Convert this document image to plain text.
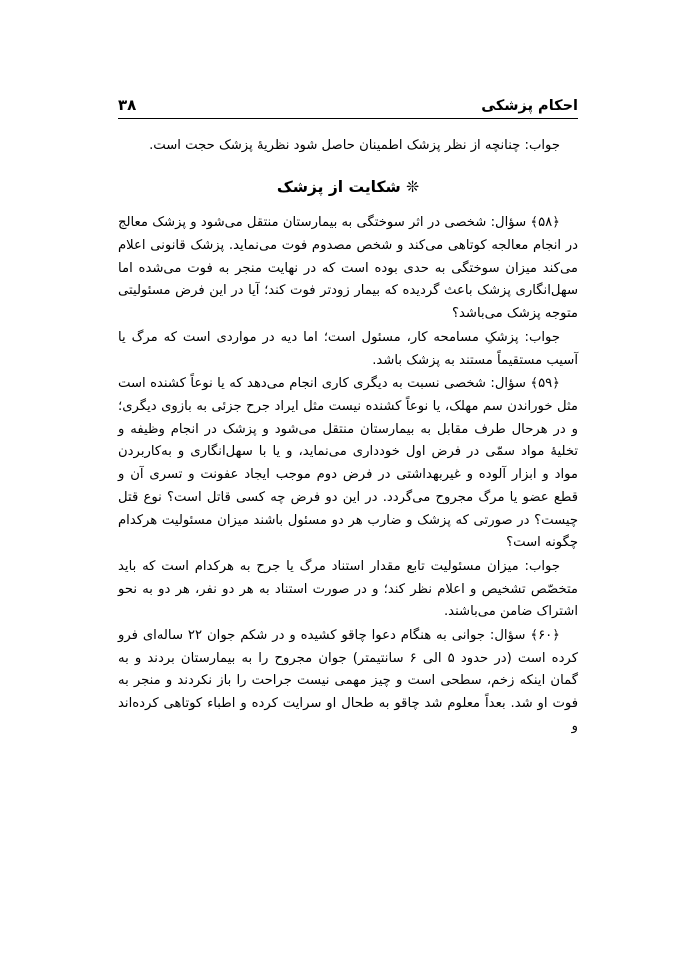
احکام پزشکی
۳۸

جواب: چنانچه از نظر پزشک اطمینان حاصل شود نظریهٔ پزشک حجت است.

❊ شکایت از پزشک

﴿۵۸﴾ سؤال: شخصی در اثر سوختگی به بیمارستان منتقل می‌شود و پزشک معالج در انجام معالجه کوتاهی می‌کند و شخص مصدوم فوت می‌نماید. پزشک قانونی اعلام می‌کند میزان سوختگی به حدی بوده است که در نهایت منجر به فوت می‌شده اما سهل‌انگاری پزشک باعث گردیده که بیمار زودتر فوت کند؛ آیا در این فرض مسئولیتی متوجه پزشک می‌باشد؟

جواب: پزشکِ مسامحه کار، مسئول است؛ اما دیه در مواردی است که مرگ یا آسیب مستقیماً مستند به پزشک باشد.

﴿۵۹﴾ سؤال: شخصی نسبت به دیگری کاری انجام می‌دهد که یا نوعاً کشنده است مثل خوراندن سم مهلک، یا نوعاً کشنده نیست مثل ایراد جرح جزئی به بازوی دیگری؛ و در هر‌حال طرف مقابل به بیمارستان منتقل می‌شود و پزشک در انجام وظیفه و تخلیۀ مواد سمّی در فرض اول خودداری می‌نماید، و یا با سهل‌انگاری و به‌کاربردن مواد و ابزار آلوده و غیربهداشتی در فرض دوم موجب ایجاد عفونت و تسری آن و قطع عضو یا مرگ مجروح می‌گردد. در این دو فرض چه کسی قاتل است؟ نوع قتل چیست؟ در صورتی که پزشک و ضارب هر دو مسئول باشند میزان مسئولیت هرکدام چگونه است؟

جواب: میزان مسئولیت تابع مقدار استناد مرگ یا جرح به هرکدام است که باید متخصّص تشخیص و اعلام نظر کند؛ و در صورت استناد به هر دو نفر، هر دو به نحو اشتراک ضامن می‌باشند.

﴿۶۰﴾ سؤال: جوانی به هنگام دعوا چاقو کشیده و در شکم جوان ۲۲ ساله‌ای فرو کرده است (در حدود ۵ الی ۶ سانتیمتر) جوان مجروح را به بیمارستان بردند و به گمان اینکه زخم، سطحی است و چیز مهمی نیست جراحت را باز نکردند و منجر به فوت او شد. بعداً معلوم شد چاقو به طحال او سرایت کرده و اطباء کوتاهی کرده‌اند و
